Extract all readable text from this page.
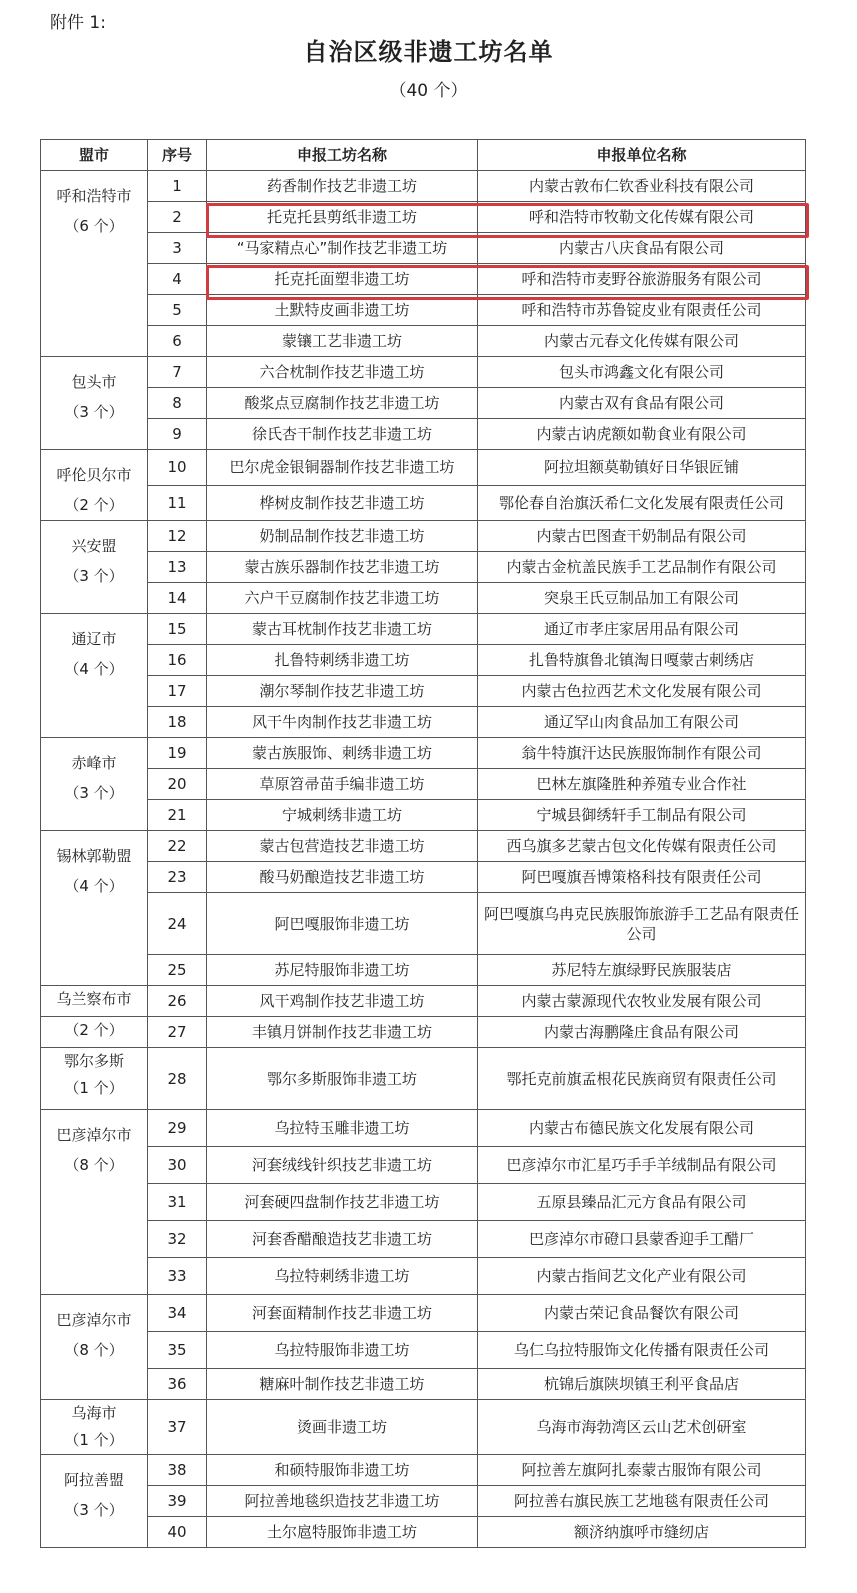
附件 1:
自治区级非遗工坊名单
（40 个）
盟市	序号	申报工坊名称	申报单位名称

呼和浩特市
（6 个）	1	药香制作技艺非遗工坊	内蒙古敦布仁钦香业科技有限公司
	2	托克托县剪纸非遗工坊	呼和浩特市牧勒文化传媒有限公司
	3	“马家精点心”制作技艺非遗工坊	内蒙古八庆食品有限公司
	4	托克托面塑非遗工坊	呼和浩特市麦野谷旅游服务有限公司
	5	土默特皮画非遗工坊	呼和浩特市苏鲁锭皮业有限责任公司
	6	蒙镶工艺非遗工坊	内蒙古元春文化传媒有限公司

包头市
（3 个）	7	六合枕制作技艺非遗工坊	包头市鸿鑫文化有限公司
	8	酸浆点豆腐制作技艺非遗工坊	内蒙古双有食品有限公司
	9	徐氏杏干制作技艺非遗工坊	内蒙古讷虎额如勒食业有限公司

呼伦贝尔市
（2 个）	10	巴尔虎金银铜器制作技艺非遗工坊	阿拉坦额莫勒镇好日华银匠铺
	11	桦树皮制作技艺非遗工坊	鄂伦春自治旗沃希仁文化发展有限责任公司

兴安盟
（3 个）	12	奶制品制作技艺非遗工坊	内蒙古巴图查干奶制品有限公司
	13	蒙古族乐器制作技艺非遗工坊	内蒙古金杭盖民族手工艺品制作有限公司
	14	六户干豆腐制作技艺非遗工坊	突泉王氏豆制品加工有限公司

通辽市
（4 个）	15	蒙古耳枕制作技艺非遗工坊	通辽市孝庄家居用品有限公司
	16	扎鲁特刺绣非遗工坊	扎鲁特旗鲁北镇淘日嘎蒙古刺绣店
	17	潮尔琴制作技艺非遗工坊	内蒙古色拉西艺术文化发展有限公司
	18	风干牛肉制作技艺非遗工坊	通辽罕山肉食品加工有限公司

赤峰市
（3 个）	19	蒙古族服饰、刺绣非遗工坊	翁牛特旗汗达民族服饰制作有限公司
	20	草原笤帚苗手编非遗工坊	巴林左旗隆胜种养殖专业合作社
	21	宁城刺绣非遗工坊	宁城县御绣轩手工制品有限公司

锡林郭勒盟
（4 个）	22	蒙古包营造技艺非遗工坊	西乌旗多艺蒙古包文化传媒有限责任公司
	23	酸马奶酿造技艺非遗工坊	阿巴嘎旗吾博策格科技有限责任公司
	24	阿巴嘎服饰非遗工坊	阿巴嘎旗乌冉克民族服饰旅游手工艺品有限责任公司
	25	苏尼特服饰非遗工坊	苏尼特左旗绿野民族服装店

乌兰察布市	26	风干鸡制作技艺非遗工坊	内蒙古蒙源现代农牧业发展有限公司

（2 个）	27	丰镇月饼制作技艺非遗工坊	内蒙古海鹏隆庄食品有限公司

鄂尔多斯
（1 个）	28	鄂尔多斯服饰非遗工坊	鄂托克前旗孟根花民族商贸有限责任公司

巴彦淖尔市
（8 个）	29	乌拉特玉雕非遗工坊	内蒙古布德民族文化发展有限公司
	30	河套绒线针织技艺非遗工坊	巴彦淖尔市汇星巧手手羊绒制品有限公司
	31	河套硬四盘制作技艺非遗工坊	五原县臻品汇元方食品有限公司
	32	河套香醋酿造技艺非遗工坊	巴彦淖尔市磴口县蒙香迎手工醋厂
	33	乌拉特刺绣非遗工坊	内蒙古指间艺文化产业有限公司

巴彦淖尔市
（8 个）	34	河套面精制作技艺非遗工坊	内蒙古荣记食品餐饮有限公司
	35	乌拉特服饰非遗工坊	乌仁乌拉特服饰文化传播有限责任公司
	36	糖麻叶制作技艺非遗工坊	杭锦后旗陕坝镇王利平食品店

乌海市
（1 个）	37	烫画非遗工坊	乌海市海勃湾区云山艺术创研室

阿拉善盟
（3 个）	38	和硕特服饰非遗工坊	阿拉善左旗阿扎泰蒙古服饰有限公司
	39	阿拉善地毯织造技艺非遗工坊	阿拉善右旗民族工艺地毯有限责任公司
	40	土尔扈特服饰非遗工坊	额济纳旗呼市缝纫店
